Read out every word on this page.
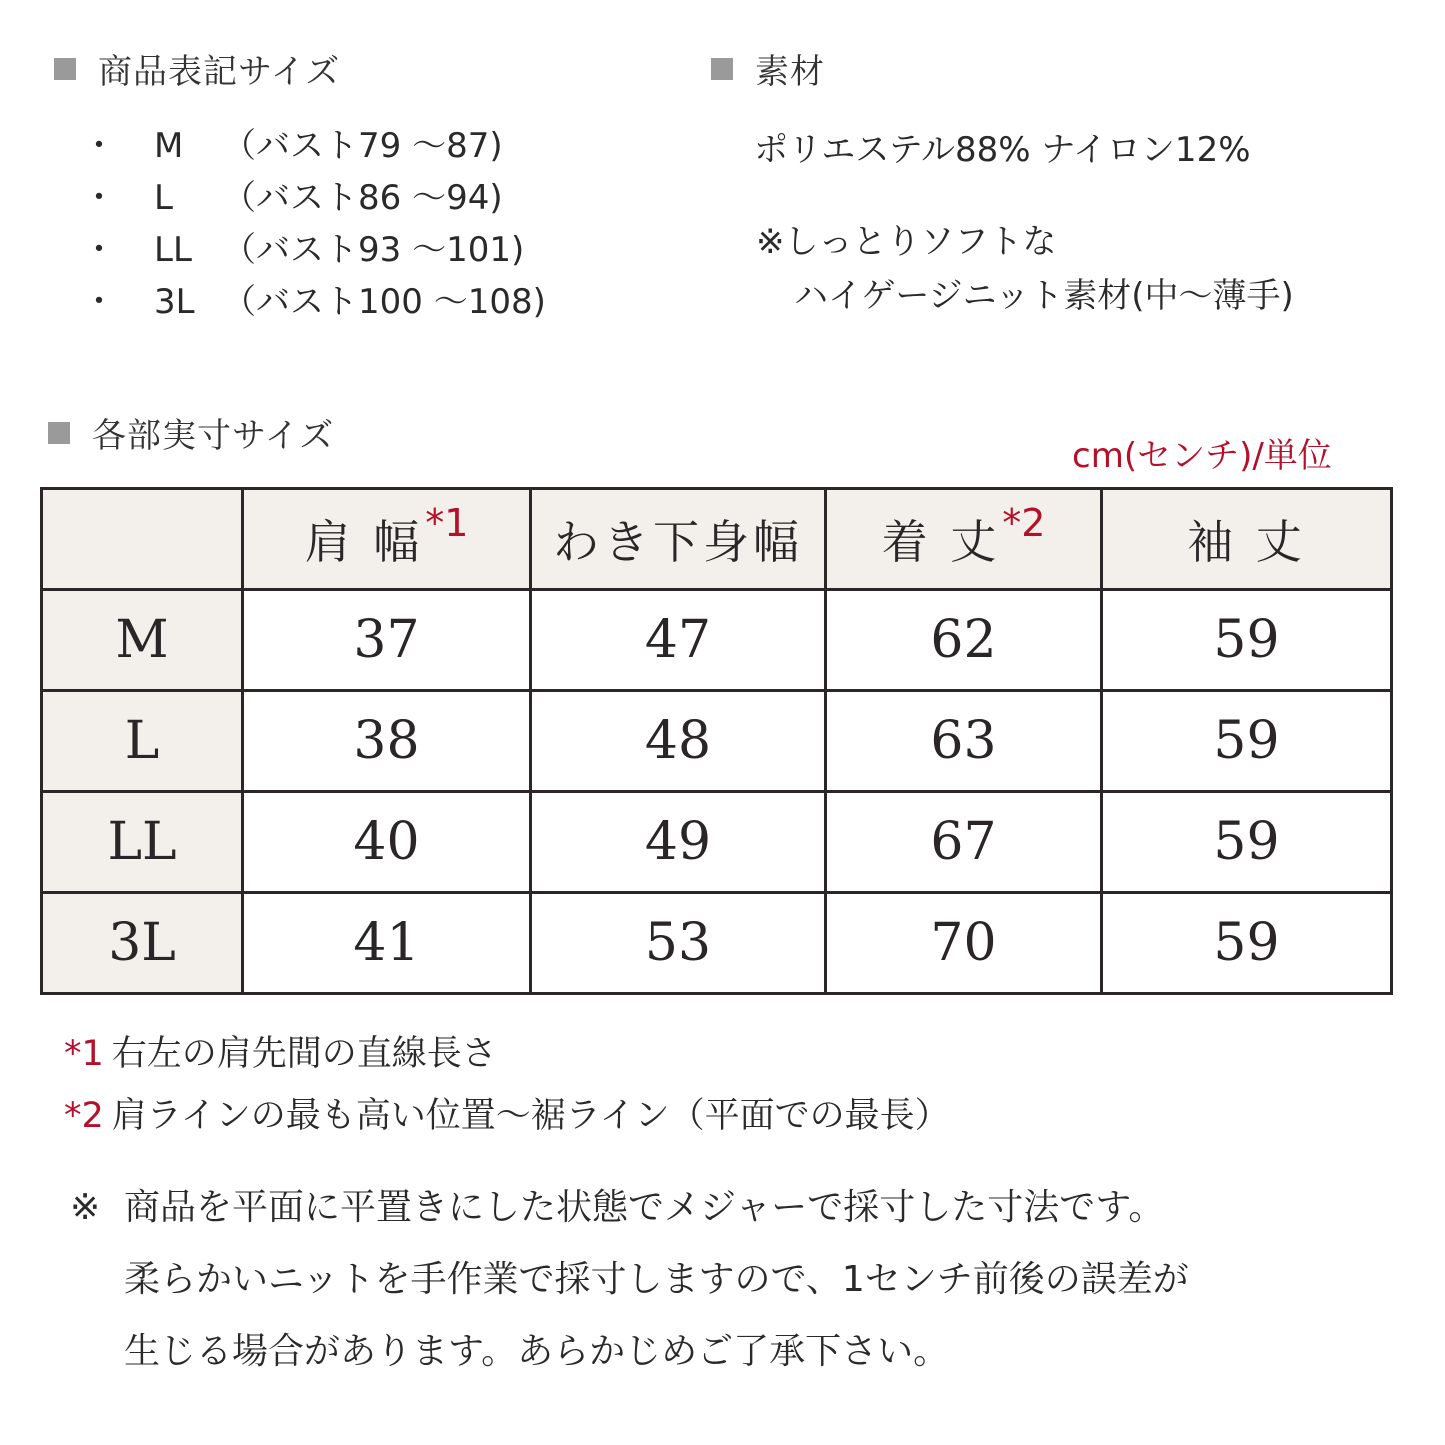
商品表記サイズ
・	M	（バスト79 ～87)
・	L	（バスト86 ～94)
・	LL （バスト93 ～101)
・	3L （バスト100 ～108)
素材
ポリエステル88% ナイロン12%
※しっとりソフトな
ハイゲージニット素材(中～薄手)
各部実寸サイズ	cm(センチ)/単位
	肩 幅$^{*1}$	わき下身幅	着 丈$^{*2}$	袖 丈
M	37	47	62	59
L	38	48	63	59
LL	40	49	67	59
3L	41	53	70	59
*1 右左の肩先間の直線長さ
*2 肩ラインの最も高い位置～裾ライン（平面での最長）
※ 商品を平面に平置きにした状態でメジャーで採寸した寸法です。
柔らかいニットを手作業で採寸しますので、1センチ前後の誤差が
生じる場合があります。あらかじめご了承下さい。
